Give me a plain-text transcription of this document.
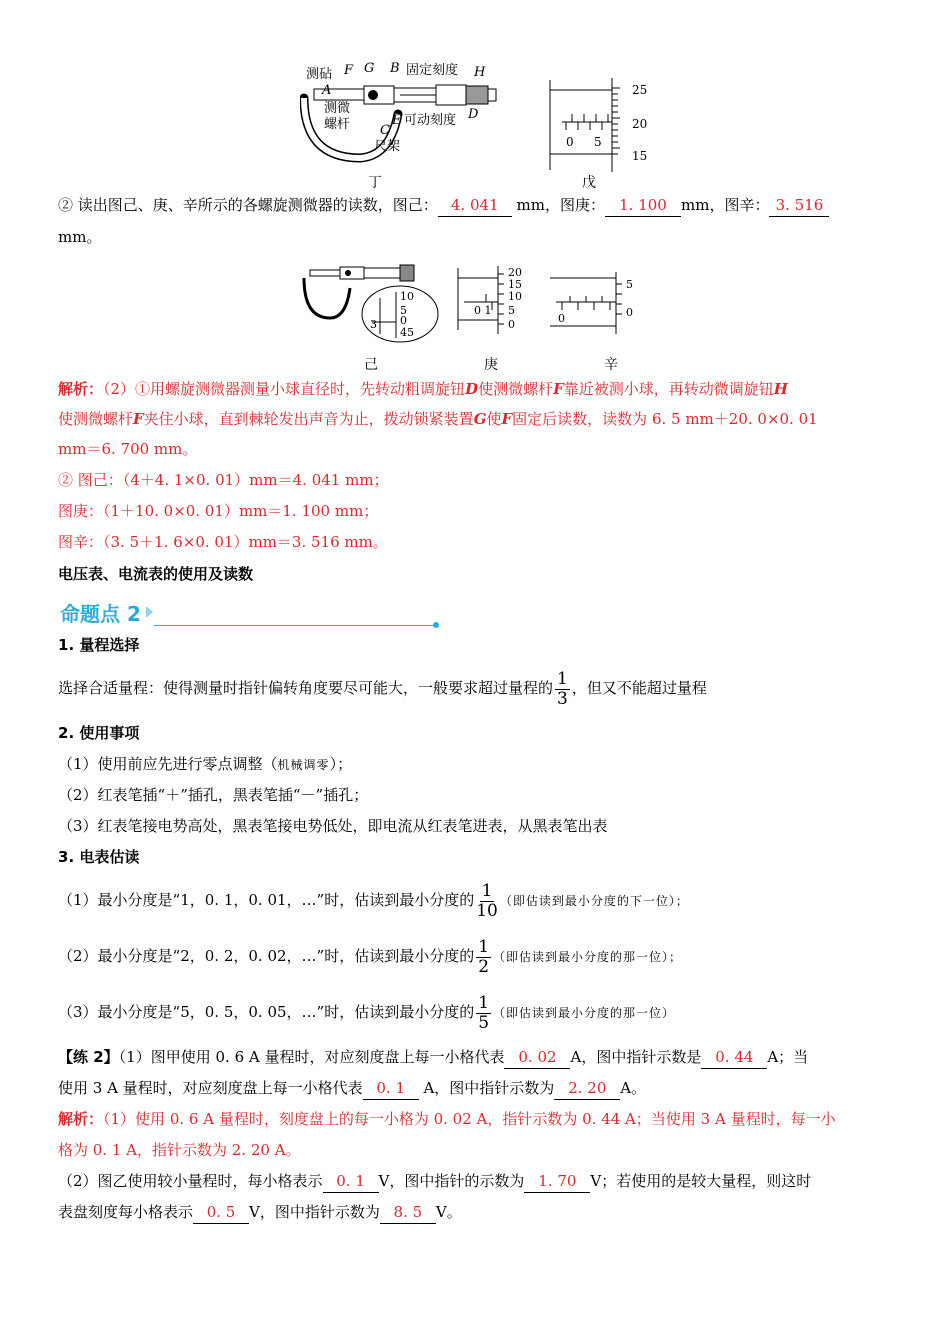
测砧 F G B 固定刻度 H
A
测微
螺杆	E 可动刻度 D
C
尺架
丁
25
20
15
0 5
戊
② 读出图己、庚、辛所示的各螺旋测微器的读数，图己： 4. 041 mm，图庚： 1. 100 mm，图辛： 3. 516
mm。
10
5
0
45
3
己
20
15
10
5
0
0 1
庚
5
0
0
辛
解析：（2）①用螺旋测微器测量小球直径时，先转动粗调旋钮D使测微螺杆F靠近被测小球，再转动微调旋钮H
使测微螺杆F夹住小球，直到棘轮发出声音为止，拨动锁紧装置G使F固定后读数，读数为 6. 5 mm＋20. 0×0. 01
mm＝6. 700 mm。
② 图己：（4＋4. 1×0. 01）mm＝4. 041 mm；
图庚：（1＋10. 0×0. 01）mm＝1. 100 mm；
图辛：（3. 5＋1. 6×0. 01）mm＝3. 516 mm。
电压表、电流表的使用及读数
命题点 2
1. 量程选择
选择合适量程：使得测量时指针偏转角度要尽可能大，一般要求超过量程的 $\frac{1}{3}$ ，但又不能超过量程
2. 使用事项
（1）使用前应先进行零点调整（机械调零）；
（2）红表笔插“＋”插孔，黑表笔插“－”插孔；
（3）红表笔接电势高处，黑表笔接电势低处，即电流从红表笔进表，从黑表笔出表
3. 电表估读
（1）最小分度是“1，0. 1，0. 01，…”时，估读到最小分度的 $\frac{1}{10}$ （即估读到最小分度的下一位）；
（2）最小分度是“2，0. 2，0. 02，…”时，估读到最小分度的 $\frac{1}{2}$ （即估读到最小分度的那一位）；
（3）最小分度是“5，0. 5，0. 05，…”时，估读到最小分度的 $\frac{1}{5}$ （即估读到最小分度的那一位）
【练 2】（1）图甲使用 0. 6 A 量程时，对应刻度盘上每一小格代表 0. 02 A，图中指针示数是 0. 44 A；当
使用 3 A 量程时，对应刻度盘上每一小格代表 0. 1 A，图中指针示数为 2. 20 A。
解析：（1）使用 0. 6 A 量程时，刻度盘上的每一小格为 0. 02 A，指针示数为 0. 44 A；当使用 3 A 量程时，每一小
格为 0. 1 A，指针示数为 2. 20 A。
（2）图乙使用较小量程时，每小格表示 0. 1 V，图中指针的示数为 1. 70 V；若使用的是较大量程，则这时
表盘刻度每小格表示 0. 5 V，图中指针示数为 8. 5 V。
